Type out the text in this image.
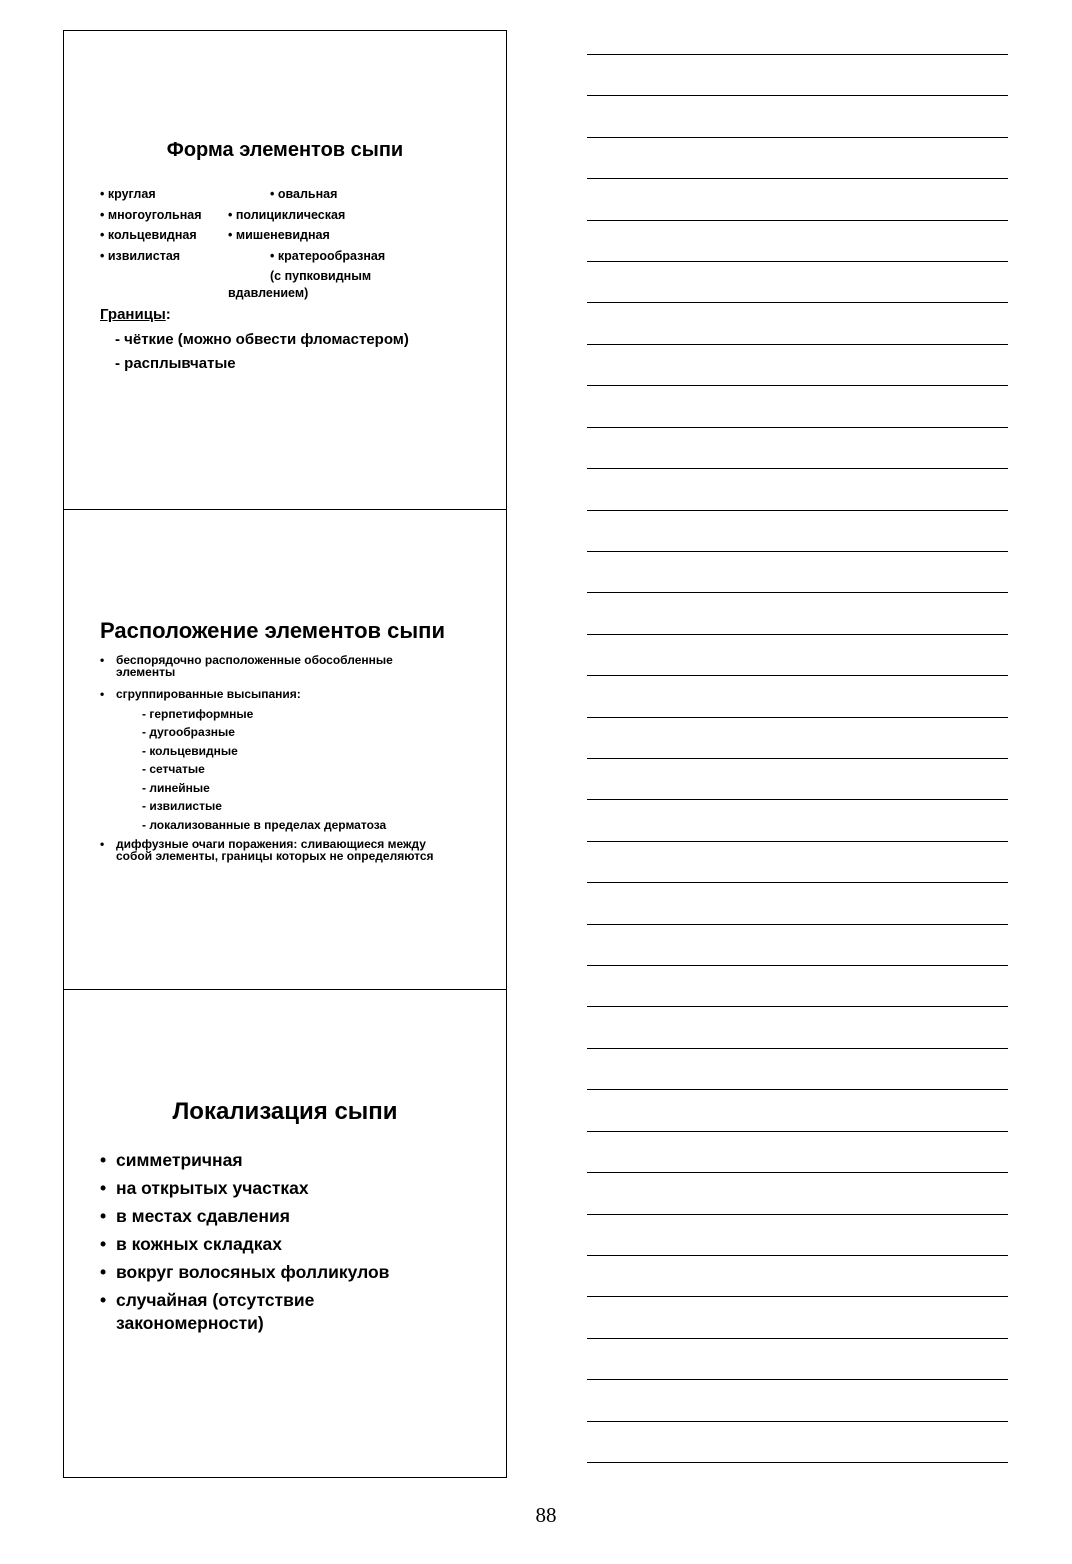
Форма элементов сыпи
• круглая	• овальная
• многоугольная • полициклическая
• кольцевидная	• мишеневидная
• извилистая	• кратерообразная
(с пупковидным
вдавлением)
Границы:
- чёткие (можно обвести фломастером)
- расплывчатые
Расположение элементов сыпи
• беспорядочно расположенные обособленные элементы
• сгруппированные высыпания:
- герпетиформные
- дугообразные
- кольцевидные
- сетчатые
- линейные
- извилистые
- локализованные в пределах дерматоза
• диффузные очаги поражения: сливающиеся между собой элементы, границы которых не определяются
Локализация сыпи
• симметричная
• на открытых участках
• в местах сдавления
• в кожных складках
• вокруг волосяных фолликулов
• случайная (отсутствие закономерности)
88
